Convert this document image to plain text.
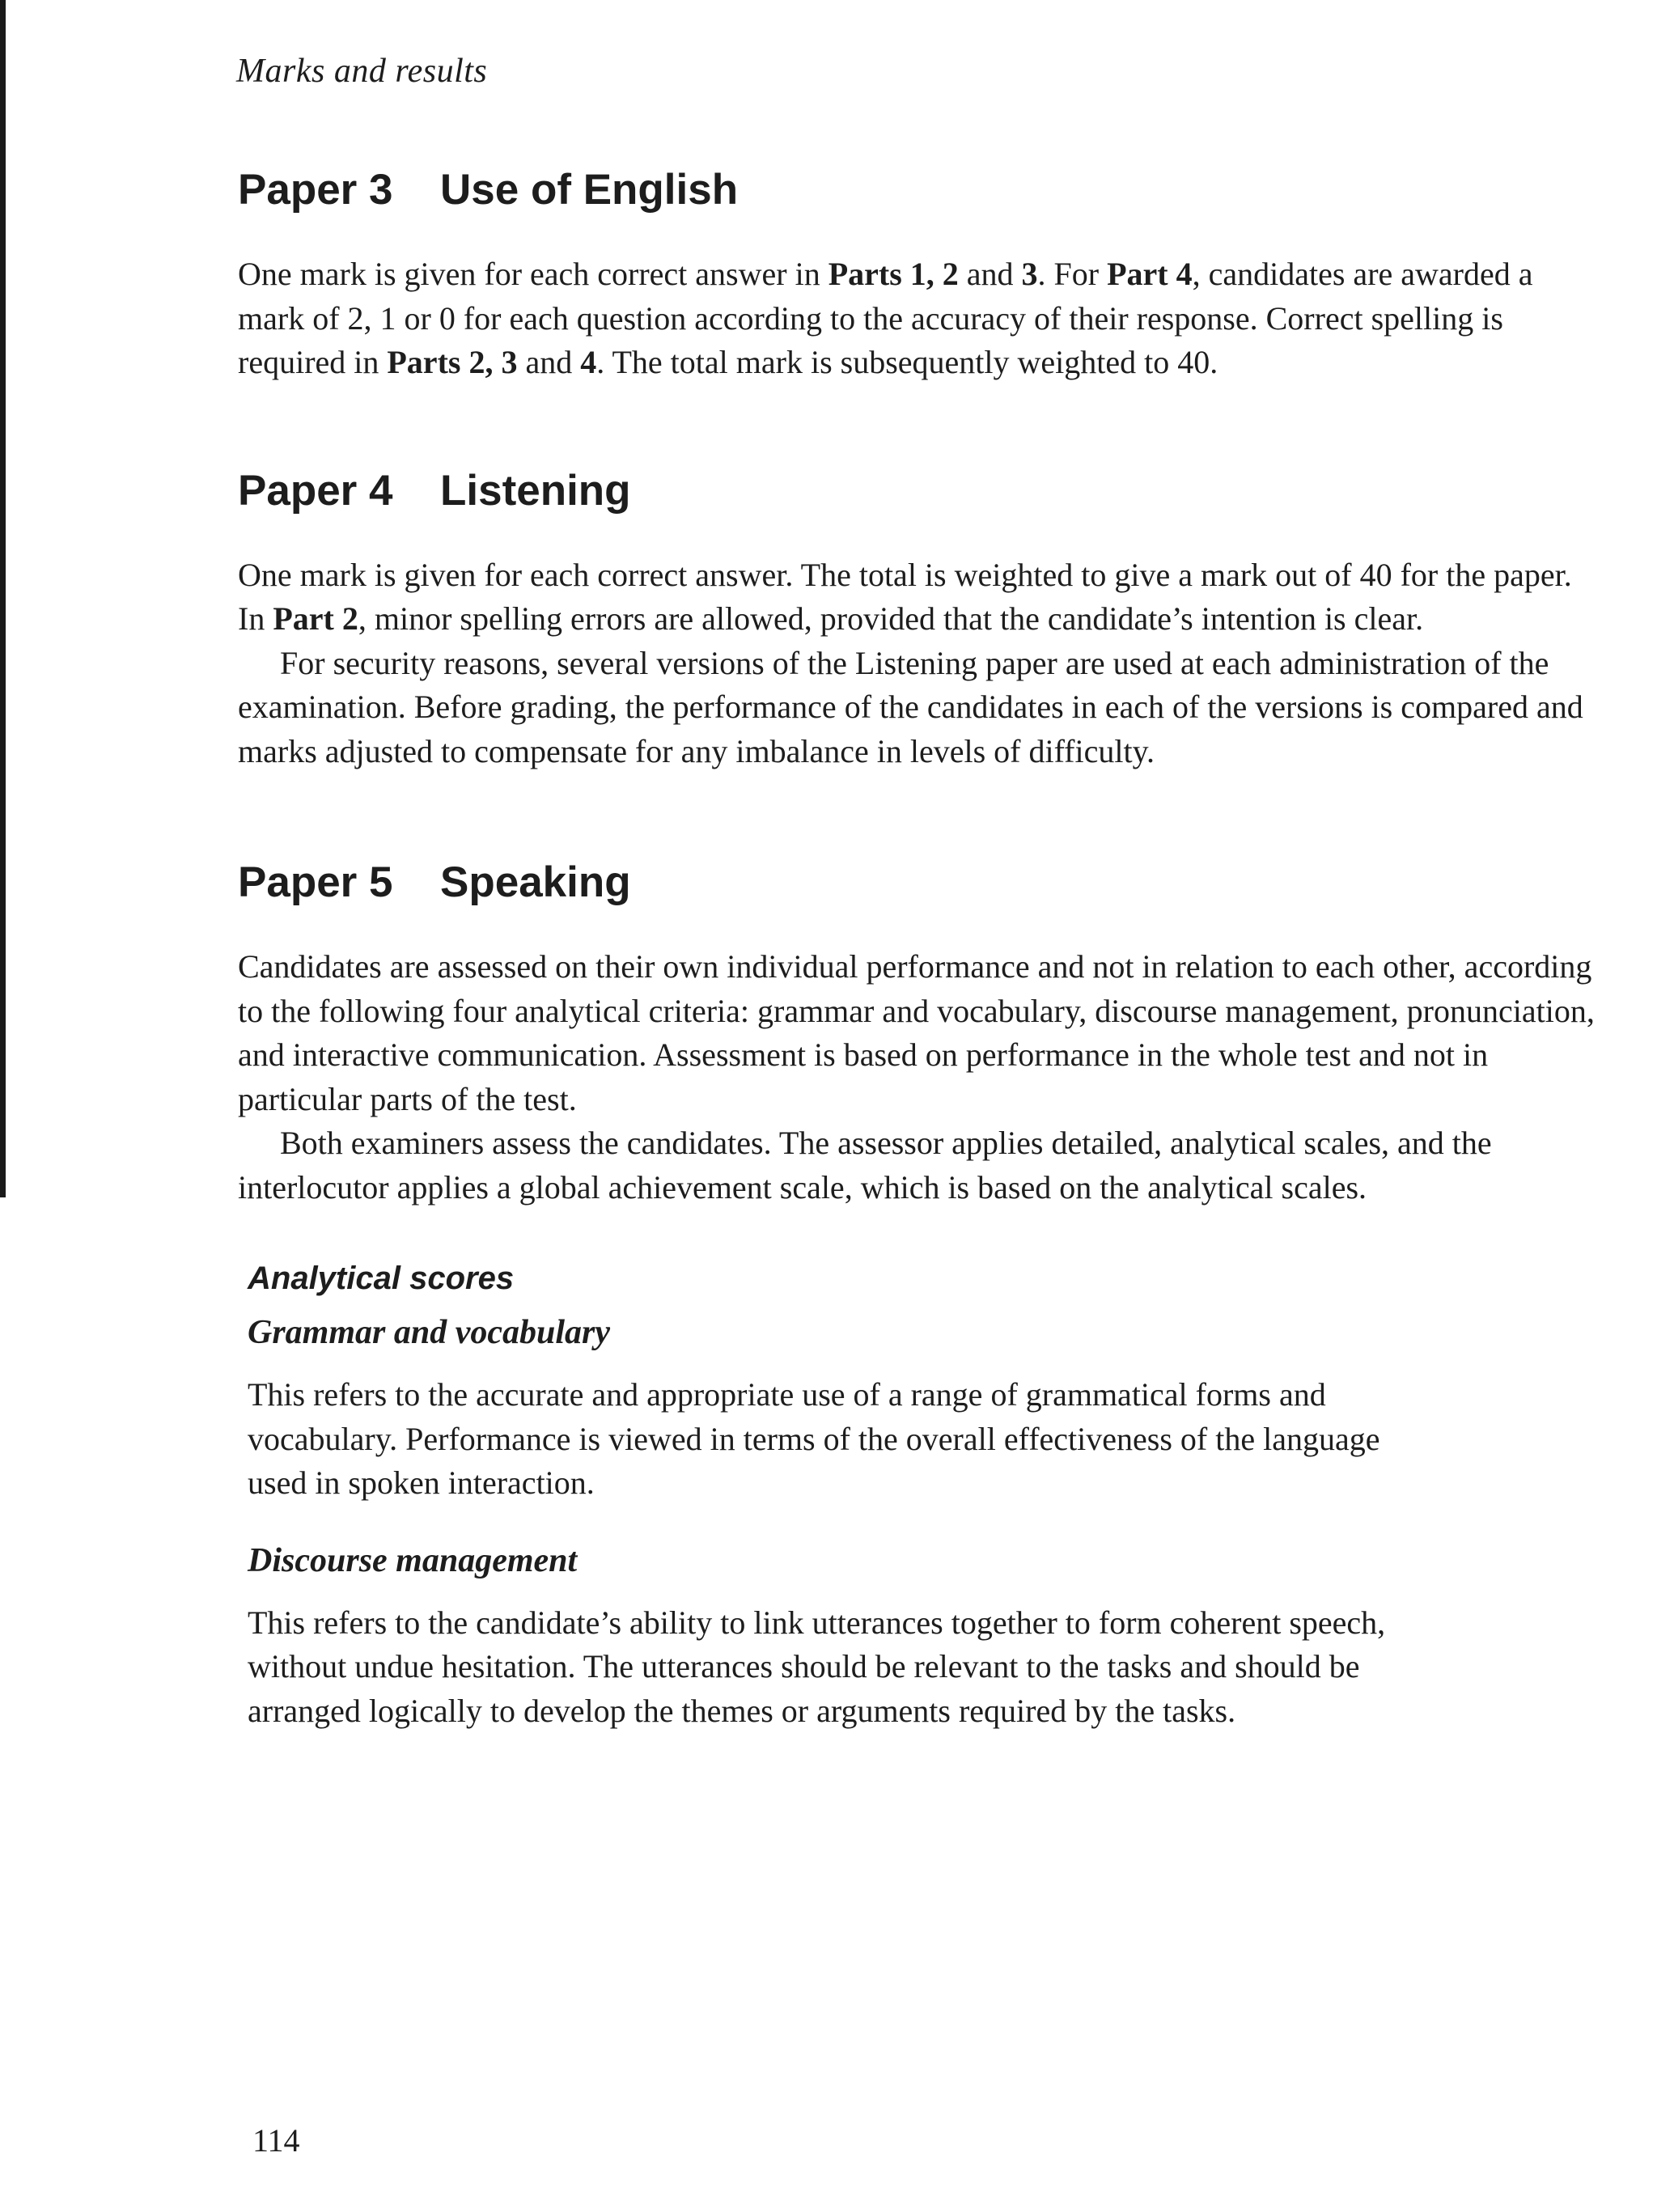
Marks and results
Paper 3 Use of English

One mark is given for each correct answer in Parts 1, 2 and 3. For Part 4, candidates are awarded a mark of 2, 1 or 0 for each question according to the accuracy of their response. Correct spelling is required in Parts 2, 3 and 4. The total mark is subsequently weighted to 40.

Paper 4 Listening

One mark is given for each correct answer. The total is weighted to give a mark out of 40 for the paper. In Part 2, minor spelling errors are allowed, provided that the candidate’s intention is clear.

For security reasons, several versions of the Listening paper are used at each administration of the examination. Before grading, the performance of the candidates in each of the versions is compared and marks adjusted to compensate for any imbalance in levels of difficulty.

Paper 5 Speaking

Candidates are assessed on their own individual performance and not in relation to each other, according to the following four analytical criteria: grammar and vocabulary, discourse management, pronunciation, and interactive communication. Assessment is based on performance in the whole test and not in particular parts of the test.

Both examiners assess the candidates. The assessor applies detailed, analytical scales, and the interlocutor applies a global achievement scale, which is based on the analytical scales.

Analytical scores
Grammar and vocabulary

This refers to the accurate and appropriate use of a range of grammatical forms and vocabulary. Performance is viewed in terms of the overall effectiveness of the language used in spoken interaction.

Discourse management

This refers to the candidate’s ability to link utterances together to form coherent speech, without undue hesitation. The utterances should be relevant to the tasks and should be arranged logically to develop the themes or arguments required by the tasks.

114
